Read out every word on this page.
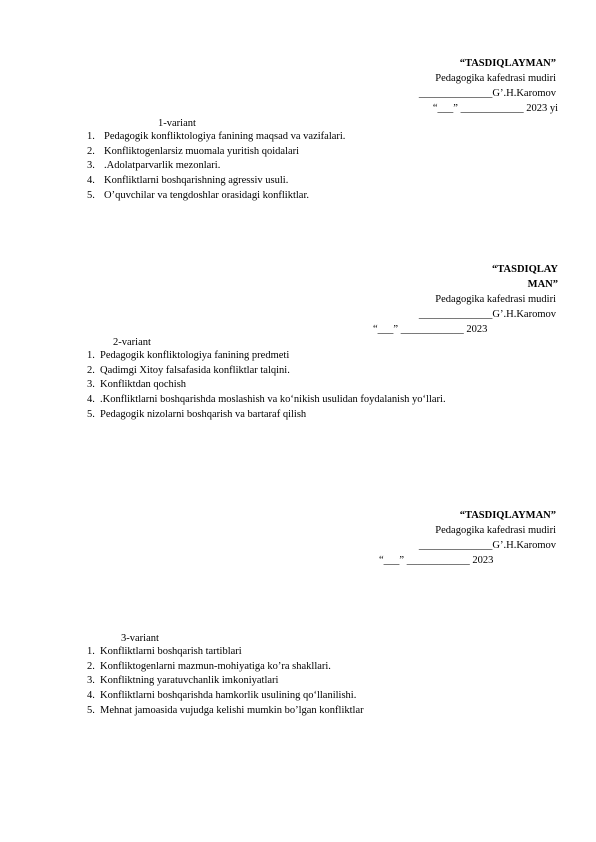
“TASDIQLAYMAN”
Pedagogika kafedrasi mudiri
______________G’.H.Karomov
“___” ____________ 2023 yi
1-variant
1. Pedagogik konfliktologiya fanining maqsad va vazifalari.
2. Konfliktogenlarsiz muomala yuritish qoidalari
3. .Adolatparvarlik mezonlari.
4. Konfliktlarni boshqarishning agressiv usuli.
5. O’quvchilar va tengdoshlar orasidagi konfliktlar.
“TASDIQLAY
MAN”
Pedagogika kafedrasi mudiri
______________G’.H.Karomov
“___” ____________ 2023
2-variant
1. Pedagogik konfliktologiya fanining predmeti
2. Qadimgi Xitoy falsafasida konfliktlar talqini.
3. Konfliktdan qochish
4. .Konfliktlarni boshqarishda moslashish va ko‘nikish usulidan foydalanish yo‘llari.
5. Pedagogik nizolarni boshqarish va bartaraf qilish
“TASDIQLAYMAN”
Pedagogika kafedrasi mudiri
______________G’.H.Karomov
“___” ____________ 2023
3-variant
1. Konfliktlarni boshqarish tartiblari
2. Konfliktogenlarni mazmun-mohiyatiga ko’ra shakllari.
3. Konfliktning yaratuvchanlik imkoniyatlari
4. Konfliktlarni boshqarishda hamkorlik usulining qo‘llanilishi.
5. Mehnat jamoasida vujudga kelishi mumkin bo’lgan konfliktlar
